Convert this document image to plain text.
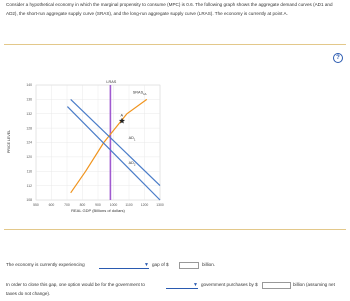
Consider a hypothetical economy in which the marginal propensity to consume (MPC) is 0.6. The following graph shows the aggregate demand curves (AD1 and AD2), the short-run aggregate supply curve (SRAS), and the long-run aggregate supply curve (LRAS). The economy is currently at point A.
?
PRICE LEVEL
LRAS
$SRAS_{1A}$
$AD_1$
$AD_2$
A
550	600	700	800	900	1000 1100 1200 1300
140
136
132
128
124
120
116
112
108
REAL GDP (Billions of dollars)
The economy is currently experiencing	▼ gap of $	billion.
In order to close this gap, one option would be for the government to	▼ government purchases by $	billion (assuming net
taxes do not change).
